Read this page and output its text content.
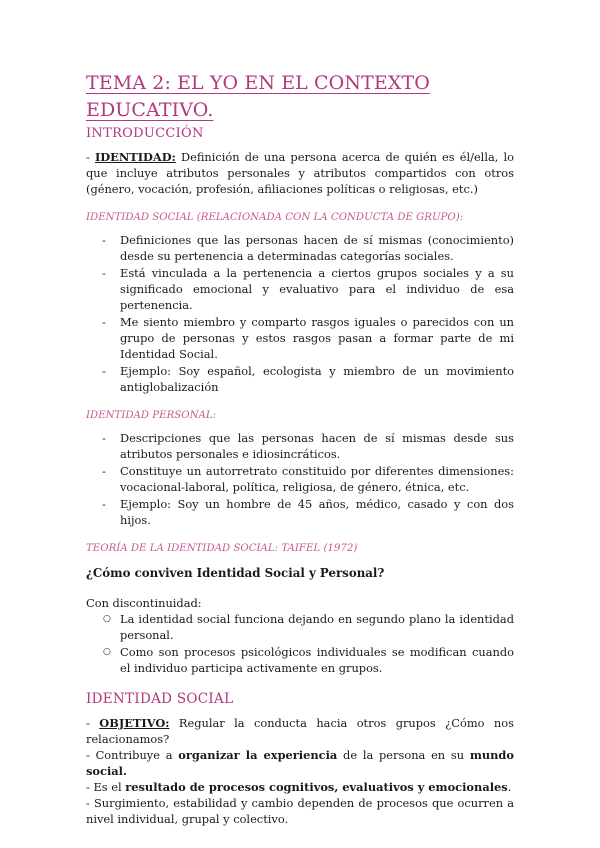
TEMA 2: EL YO EN EL CONTEXTO EDUCATIVO.
INTRODUCCIÓN

- IDENTIDAD: Definición de una persona acerca de quién es él/ella, lo que incluye atributos personales y atributos compartidos con otros (género, vocación, profesión, afiliaciones políticas o religiosas, etc.)

IDENTIDAD SOCIAL (RELACIONADA CON LA CONDUCTA DE GRUPO):
- Definiciones que las personas hacen de sí mismas (conocimiento) desde su pertenencia a determinadas categorías sociales.
- Está vinculada a la pertenencia a ciertos grupos sociales y a su significado emocional y evaluativo para el individuo de esa pertenencia.
- Me siento miembro y comparto rasgos iguales o parecidos con un grupo de personas y estos rasgos pasan a formar parte de mi Identidad Social.
- Ejemplo: Soy español, ecologista y miembro de un movimiento antiglobalización
IDENTIDAD PERSONAL:
- Descripciones que las personas hacen de sí mismas desde sus atributos personales e idiosincráticos.
- Constituye un autorretrato constituido por diferentes dimensiones: vocacional-laboral, política, religiosa, de género, étnica, etc.
- Ejemplo: Soy un hombre de 45 años, médico, casado y con dos hijos.
TEORÍA DE LA IDENTIDAD SOCIAL: TAIFEL (1972)

¿Cómo conviven Identidad Social y Personal?

Con discontinuidad:

○ La identidad social funciona dejando en segundo plano la identidad personal.
○ Como son procesos psicológicos individuales se modifican cuando el individuo participa activamente en grupos.
IDENTIDAD SOCIAL

- OBJETIVO: Regular la conducta hacia otros grupos ¿Cómo nos relacionamos?

- Contribuye a organizar la experiencia de la persona en su mundo social.

- Es el resultado de procesos cognitivos, evaluativos y emocionales.

- Surgimiento, estabilidad y cambio dependen de procesos que ocurren a nivel individual, grupal y colectivo.
